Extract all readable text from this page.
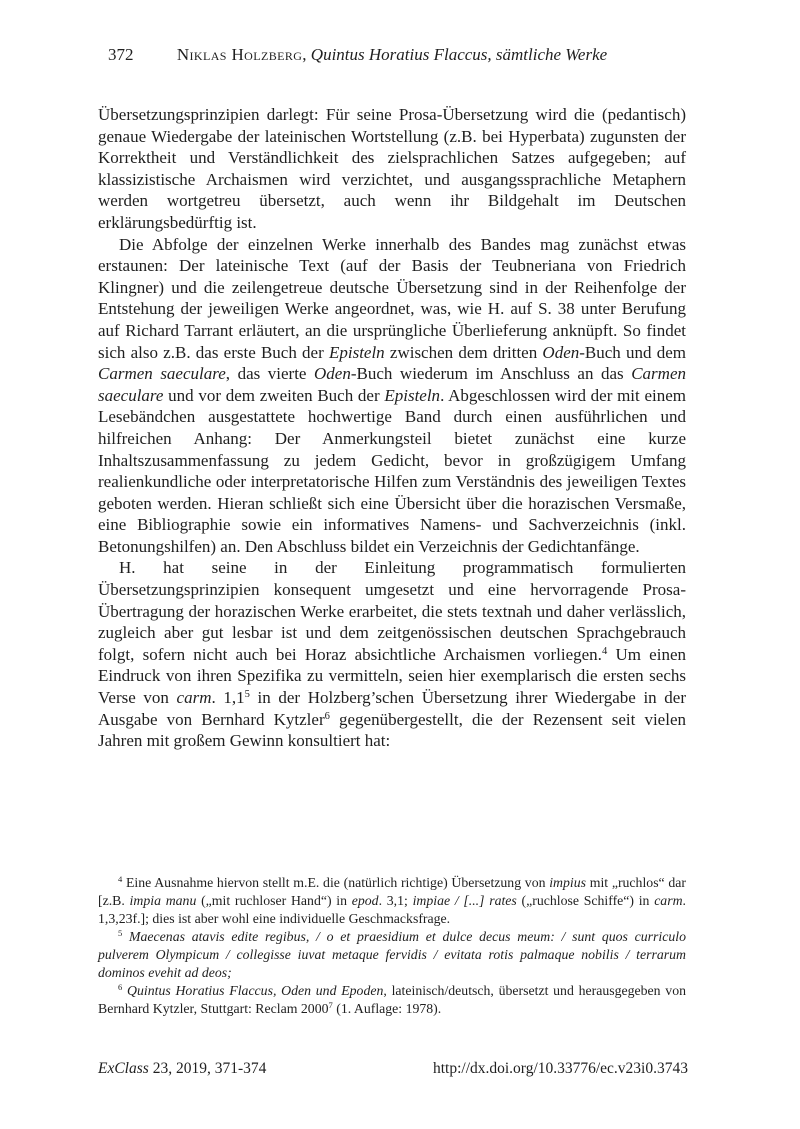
372	Niklas Holzberg, Quintus Horatius Flaccus, sämtliche Werke

Übersetzungsprinzipien darlegt: Für seine Prosa-Übersetzung wird die (pedantisch) genaue Wiedergabe der lateinischen Wortstellung (z.B. bei Hyperbata) zugunsten der Korrektheit und Verständlichkeit des zielsprachlichen Satzes aufgegeben; auf klassizistische Archaismen wird verzichtet, und ausgangssprachliche Metaphern werden wortgetreu übersetzt, auch wenn ihr Bildgehalt im Deutschen erklärungsbedürftig ist.

Die Abfolge der einzelnen Werke innerhalb des Bandes mag zunächst etwas erstaunen: Der lateinische Text (auf der Basis der Teubneriana von Friedrich Klingner) und die zeilengetreue deutsche Übersetzung sind in der Reihenfolge der Entstehung der jeweiligen Werke angeordnet, was, wie H. auf S. 38 unter Berufung auf Richard Tarrant erläutert, an die ursprüngliche Überlieferung anknüpft. So findet sich also z.B. das erste Buch der Episteln zwischen dem dritten Oden-Buch und dem Carmen saeculare, das vierte Oden-Buch wiederum im Anschluss an das Carmen saeculare und vor dem zweiten Buch der Episteln. Abgeschlossen wird der mit einem Lesebändchen ausgestattete hochwertige Band durch einen ausführlichen und hilfreichen Anhang: Der Anmerkungsteil bietet zunächst eine kurze Inhaltszusammenfassung zu jedem Gedicht, bevor in großzügigem Umfang realienkundliche oder interpretatorische Hilfen zum Verständnis des jeweiligen Textes geboten werden. Hieran schließt sich eine Übersicht über die horazischen Versmaße, eine Bibliographie sowie ein informatives Namens- und Sachverzeichnis (inkl. Betonungshilfen) an. Den Abschluss bildet ein Verzeichnis der Gedichtanfänge.

H. hat seine in der Einleitung programmatisch formulierten Übersetzungsprinzipien konsequent umgesetzt und eine hervorragende Prosa-Übertragung der horazischen Werke erarbeitet, die stets textnah und daher verlässlich, zugleich aber gut lesbar ist und dem zeitgenössischen deutschen Sprachgebrauch folgt, sofern nicht auch bei Horaz absichtliche Archaismen vorliegen.$^4$ Um einen Eindruck von ihren Spezifika zu vermitteln, seien hier exemplarisch die ersten sechs Verse von carm. $1,1^5$ in der Holzberg’schen Übersetzung ihrer Wiedergabe in der Ausgabe von Bernhard Kytzler$^6$ gegenübergestellt, die der Rezensent seit vielen Jahren mit großem Gewinn konsultiert hat:

$^4$ Eine Ausnahme hiervon stellt m.E. die (natürlich richtige) Übersetzung von impius mit „ruchlos“ dar [z.B. impia manu („mit ruchloser Hand“) in epod. 3,1; impiae / [...] rates („ruchlose Schiffe“) in carm. 1,3,23f.]; dies ist aber wohl eine individuelle Geschmacksfrage.

$^5$ Maecenas atavis edite regibus, / o et praesidium et dulce decus meum: / sunt quos curriculo pulverem Olympicum / collegisse iuvat metaque fervidis / evitata rotis palmaque nobilis / terrarum dominos evehit ad deos;

$^6$ Quintus Horatius Flaccus, Oden und Epoden, lateinisch/deutsch, übersetzt und herausgegeben von Bernhard Kytzler, Stuttgart: Reclam 2000$^7$ (1. Auflage: 1978).

ExClass 23, 2019, 371-374	http://dx.doi.org/10.33776/ec.v23i0.3743
